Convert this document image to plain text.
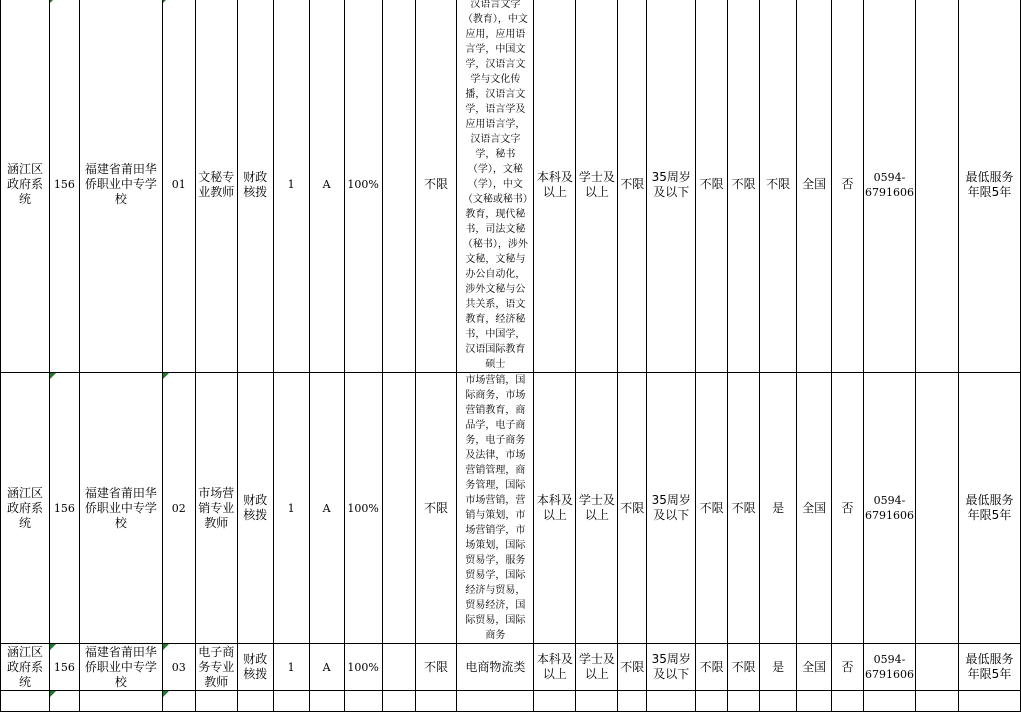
涵江区政府系统	156	福建省莆田华侨职业中专学校	01	文秘专业教师	财政核拨	1	A	100%		不限	汉语言文学（教育），中文应用，应用语言学，中国文学，汉语言文学与文化传播，汉语言文学，语言学及应用语言学，汉语言文字学，秘书（学），文秘（学），中文（文秘或秘书）教育，现代秘书，司法文秘（秘书），涉外文秘，文秘与办公自动化，涉外文秘与公共关系，语文教育，经济秘书，中国学，汉语国际教育硕士	本科及以上	学士及以上	不限	35周岁及以下	不限	不限	不限	全国	否	0594-6791606		最低服务年限5年
涵江区政府系统	156	福建省莆田华侨职业中专学校	02	市场营销专业教师	财政核拨	1	A	100%		不限	市场营销，国际商务，市场营销教育，商品学，电子商务，电子商务及法律，市场营销管理，商务管理，国际市场营销，营销与策划，市场营销学，市场策划，国际贸易学，服务贸易学，国际经济与贸易，贸易经济，国际贸易，国际商务	本科及以上	学士及以上	不限	35周岁及以下	不限	不限	是	全国	否	0594-6791606		最低服务年限5年
涵江区政府系统	156	福建省莆田华侨职业中专学校	03	电子商务专业教师	财政核拨	1	A	100%		不限	电商物流类	本科及以上	学士及以上	不限	35周岁及以下	不限	不限	是	全国	否	0594-6791606		最低服务年限5年
